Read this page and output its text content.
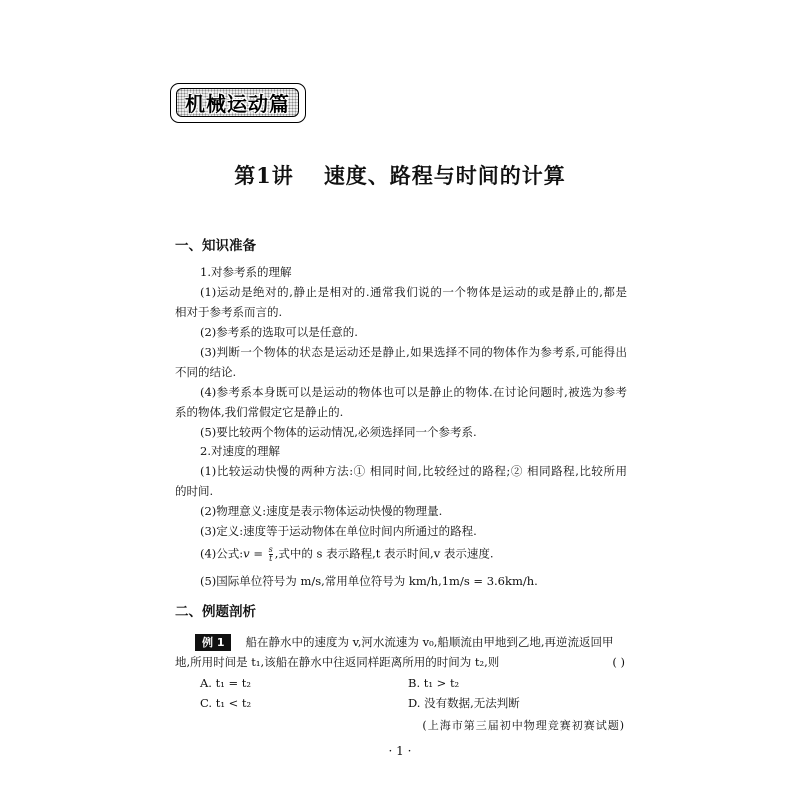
机械运动篇
第1讲 速度、路程与时间的计算
一、知识准备
1.对参考系的理解
(1)运动是绝对的,静止是相对的.通常我们说的一个物体是运动的或是静止的,都是
相对于参考系而言的.
(2)参考系的选取可以是任意的.
(3)判断一个物体的状态是运动还是静止,如果选择不同的物体作为参考系,可能得出
不同的结论.
(4)参考系本身既可以是运动的物体也可以是静止的物体.在讨论问题时,被选为参考
系的物体,我们常假定它是静止的.
(5)要比较两个物体的运动情况,必须选择同一个参考系.
2.对速度的理解
(1)比较运动快慢的两种方法:① 相同时间,比较经过的路程;② 相同路程,比较所用
的时间.
(2)物理意义:速度是表示物体运动快慢的物理量.
(3)定义:速度等于运动物体在单位时间内所通过的路程.
(4)公式:v = $\frac{s}{t}$ ,式中的 s 表示路程,t 表示时间,v 表示速度.
(5)国际单位符号为 m/s,常用单位符号为 km/h,1m/s = 3.6km/h.
二、例题剖析
例 1 船在静水中的速度为 v,河水流速为 v₀,船顺流由甲地到乙地,再逆流返回甲
地,所用时间是 t₁,该船在静水中往返同样距离所用的时间为 t₂,则	( )
A. t₁ = t₂	B. t₁ > t₂
C. t₁ < t₂	D. 没有数据,无法判断
(上海市第三届初中物理竞赛初赛试题)
· 1 ·
